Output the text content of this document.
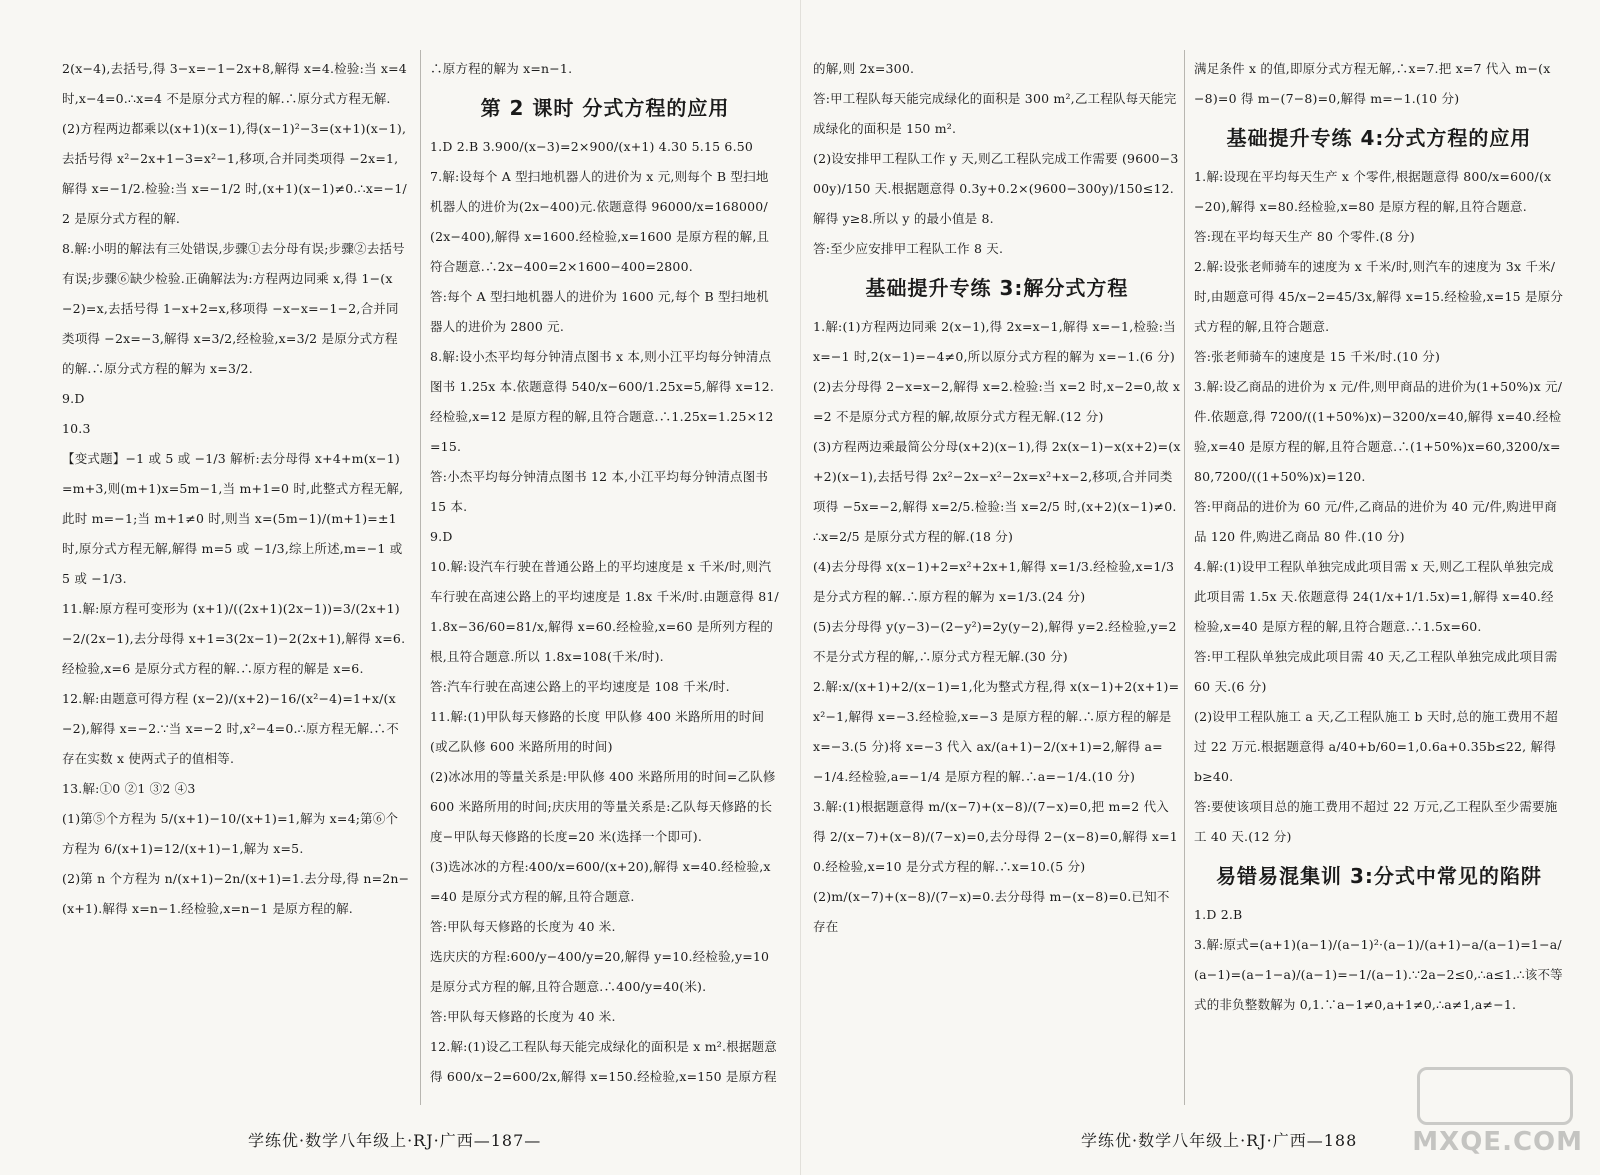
2(x−4),去括号,得 3−x=−1−2x+8,解得 x=4.检验:当 x=4 时,x−4=0.∴x=4 不是原分式方程的解.∴原分式方程无解.

(2)方程两边都乘以(x+1)(x−1),得(x−1)²−3=(x+1)(x−1),去括号得 x²−2x+1−3=x²−1,移项,合并同类项得 −2x=1,解得 x=−1/2.检验:当 x=−1/2 时,(x+1)(x−1)≠0.∴x=−1/2 是原分式方程的解.

8.解:小明的解法有三处错误,步骤①去分母有误;步骤②去括号有误;步骤⑥缺少检验.正确解法为:方程两边同乘 x,得 1−(x−2)=x,去括号得 1−x+2=x,移项得 −x−x=−1−2,合并同类项得 −2x=−3,解得 x=3/2,经检验,x=3/2 是原分式方程的解.∴原分式方程的解为 x=3/2.

9.D

10.3

【变式题】−1 或 5 或 −1/3 解析:去分母得 x+4+m(x−1)=m+3,则(m+1)x=5m−1,当 m+1=0 时,此整式方程无解,此时 m=−1;当 m+1≠0 时,则当 x=(5m−1)/(m+1)=±1 时,原分式方程无解,解得 m=5 或 −1/3,综上所述,m=−1 或 5 或 −1/3.

11.解:原方程可变形为 (x+1)/((2x+1)(2x−1))=3/(2x+1)−2/(2x−1),去分母得 x+1=3(2x−1)−2(2x+1),解得 x=6.经检验,x=6 是原分式方程的解.∴原方程的解是 x=6.

12.解:由题意可得方程 (x−2)/(x+2)−16/(x²−4)=1+x/(x−2),解得 x=−2.∵当 x=−2 时,x²−4=0.∴原方程无解.∴不存在实数 x 使两式子的值相等.

13.解:①0 ②1 ③2 ④3

(1)第⑤个方程为 5/(x+1)−10/(x+1)=1,解为 x=4;第⑥个方程为 6/(x+1)=12/(x+1)−1,解为 x=5.

(2)第 n 个方程为 n/(x+1)−2n/(x+1)=1.去分母,得 n=2n−(x+1).解得 x=n−1.经检验,x=n−1 是原方程的解.

∴原方程的解为 x=n−1.

第 2 课时 分式方程的应用

1.D 2.B 3.900/(x−3)=2×900/(x+1) 4.30 5.15 6.50

7.解:设每个 A 型扫地机器人的进价为 x 元,则每个 B 型扫地机器人的进价为(2x−400)元.依题意得 96000/x=168000/(2x−400),解得 x=1600.经检验,x=1600 是原方程的解,且符合题意.∴2x−400=2×1600−400=2800.

答:每个 A 型扫地机器人的进价为 1600 元,每个 B 型扫地机器人的进价为 2800 元.

8.解:设小杰平均每分钟清点图书 x 本,则小江平均每分钟清点图书 1.25x 本.依题意得 540/x−600/1.25x=5,解得 x=12.经检验,x=12 是原方程的解,且符合题意.∴1.25x=1.25×12=15.

答:小杰平均每分钟清点图书 12 本,小江平均每分钟清点图书 15 本.

9.D

10.解:设汽车行驶在普通公路上的平均速度是 x 千米/时,则汽车行驶在高速公路上的平均速度是 1.8x 千米/时.由题意得 81/1.8x−36/60=81/x,解得 x=60.经检验,x=60 是所列方程的根,且符合题意.所以 1.8x=108(千米/时).

答:汽车行驶在高速公路上的平均速度是 108 千米/时.

11.解:(1)甲队每天修路的长度 甲队修 400 米路所用的时间(或乙队修 600 米路所用的时间)

(2)冰冰用的等量关系是:甲队修 400 米路所用的时间=乙队修 600 米路所用的时间;庆庆用的等量关系是:乙队每天修路的长度−甲队每天修路的长度=20 米(选择一个即可).

(3)选冰冰的方程:400/x=600/(x+20),解得 x=40.经检验,x=40 是原分式方程的解,且符合题意.

答:甲队每天修路的长度为 40 米.

选庆庆的方程:600/y−400/y=20,解得 y=10.经检验,y=10 是原分式方程的解,且符合题意.∴400/y=40(米).

答:甲队每天修路的长度为 40 米.

12.解:(1)设乙工程队每天能完成绿化的面积是 x m².根据题意得 600/x−2=600/2x,解得 x=150.经检验,x=150 是原方程

学练优·数学八年级上·RJ·广西—187—

的解,则 2x=300.

答:甲工程队每天能完成绿化的面积是 300 m²,乙工程队每天能完成绿化的面积是 150 m².

(2)设安排甲工程队工作 y 天,则乙工程队完成工作需要 (9600−300y)/150 天.根据题意得 0.3y+0.2×(9600−300y)/150≤12.

解得 y≥8.所以 y 的最小值是 8.

答:至少应安排甲工程队工作 8 天.

基础提升专练 3:解分式方程

1.解:(1)方程两边同乘 2(x−1),得 2x=x−1,解得 x=−1,检验:当 x=−1 时,2(x−1)=−4≠0,所以原分式方程的解为 x=−1.(6 分)

(2)去分母得 2−x=x−2,解得 x=2.检验:当 x=2 时,x−2=0,故 x=2 不是原分式方程的解,故原分式方程无解.(12 分)

(3)方程两边乘最简公分母(x+2)(x−1),得 2x(x−1)−x(x+2)=(x+2)(x−1),去括号得 2x²−2x−x²−2x=x²+x−2,移项,合并同类项得 −5x=−2,解得 x=2/5.检验:当 x=2/5 时,(x+2)(x−1)≠0.∴x=2/5 是原分式方程的解.(18 分)

(4)去分母得 x(x−1)+2=x²+2x+1,解得 x=1/3.经检验,x=1/3 是分式方程的解.∴原方程的解为 x=1/3.(24 分)

(5)去分母得 y(y−3)−(2−y²)=2y(y−2),解得 y=2.经检验,y=2 不是分式方程的解,∴原分式方程无解.(30 分)

2.解:x/(x+1)+2/(x−1)=1,化为整式方程,得 x(x−1)+2(x+1)=x²−1,解得 x=−3.经检验,x=−3 是原方程的解.∴原方程的解是 x=−3.(5 分)将 x=−3 代入 ax/(a+1)−2/(x+1)=2,解得 a=−1/4.经检验,a=−1/4 是原方程的解.∴a=−1/4.(10 分)

3.解:(1)根据题意得 m/(x−7)+(x−8)/(7−x)=0,把 m=2 代入得 2/(x−7)+(x−8)/(7−x)=0,去分母得 2−(x−8)=0,解得 x=10.经检验,x=10 是分式方程的解.∴x=10.(5 分)

(2)m/(x−7)+(x−8)/(7−x)=0.去分母得 m−(x−8)=0.已知不存在

满足条件 x 的值,即原分式方程无解,∴x=7.把 x=7 代入 m−(x−8)=0 得 m−(7−8)=0,解得 m=−1.(10 分)

基础提升专练 4:分式方程的应用

1.解:设现在平均每天生产 x 个零件,根据题意得 800/x=600/(x−20),解得 x=80.经检验,x=80 是原方程的解,且符合题意.

答:现在平均每天生产 80 个零件.(8 分)

2.解:设张老师骑车的速度为 x 千米/时,则汽车的速度为 3x 千米/时,由题意可得 45/x−2=45/3x,解得 x=15.经检验,x=15 是原分式方程的解,且符合题意.

答:张老师骑车的速度是 15 千米/时.(10 分)

3.解:设乙商品的进价为 x 元/件,则甲商品的进价为(1+50%)x 元/件.依题意,得 7200/((1+50%)x)−3200/x=40,解得 x=40.经检验,x=40 是原方程的解,且符合题意.∴(1+50%)x=60,3200/x=80,7200/((1+50%)x)=120.

答:甲商品的进价为 60 元/件,乙商品的进价为 40 元/件,购进甲商品 120 件,购进乙商品 80 件.(10 分)

4.解:(1)设甲工程队单独完成此项目需 x 天,则乙工程队单独完成此项目需 1.5x 天.依题意得 24(1/x+1/1.5x)=1,解得 x=40.经检验,x=40 是原方程的解,且符合题意.∴1.5x=60.

答:甲工程队单独完成此项目需 40 天,乙工程队单独完成此项目需 60 天.(6 分)

(2)设甲工程队施工 a 天,乙工程队施工 b 天时,总的施工费用不超过 22 万元.根据题意得 a/40+b/60=1,0.6a+0.35b≤22, 解得 b≥40.

答:要使该项目总的施工费用不超过 22 万元,乙工程队至少需要施工 40 天.(12 分)

易错易混集训 3:分式中常见的陷阱

1.D 2.B

3.解:原式=(a+1)(a−1)/(a−1)²·(a−1)/(a+1)−a/(a−1)=1−a/(a−1)=(a−1−a)/(a−1)=−1/(a−1).∵2a−2≤0,∴a≤1.∴该不等式的非负整数解为 0,1.∵a−1≠0,a+1≠0,∴a≠1,a≠−1.

学练优·数学八年级上·RJ·广西—188 MXQE.COM
